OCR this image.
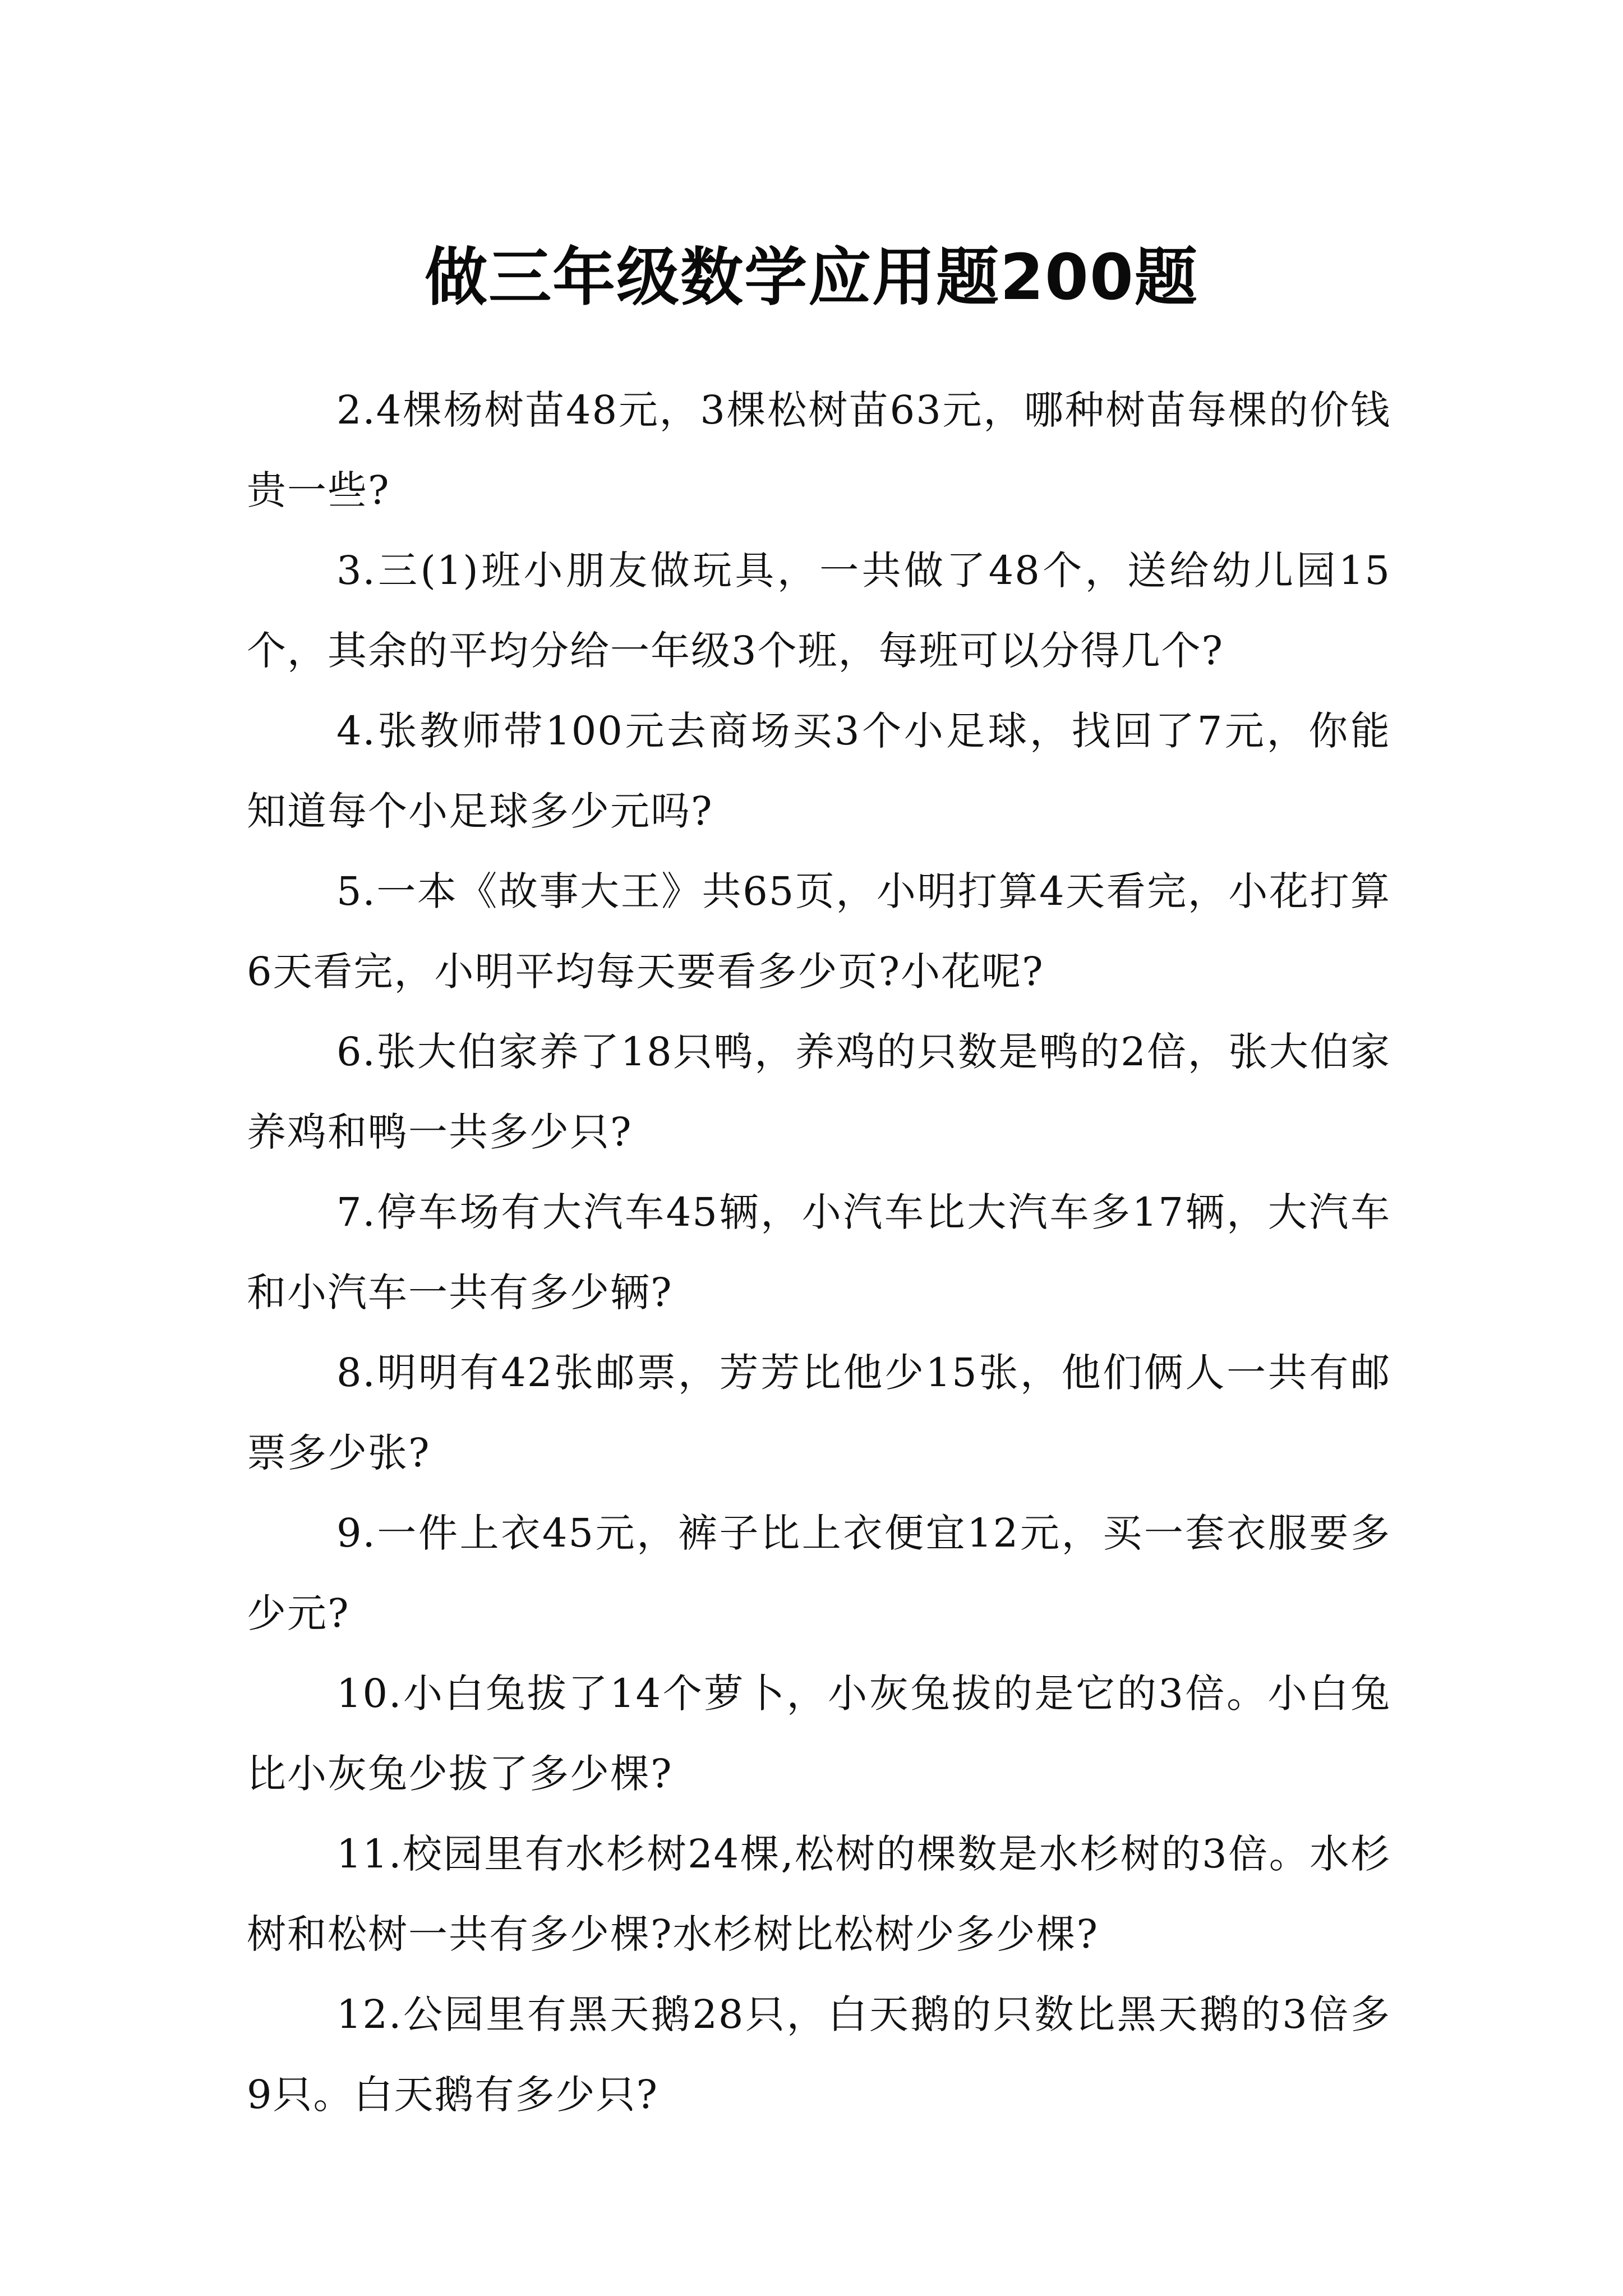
做三年级数学应用题200题

2.4棵杨树苗48元，3棵松树苗63元，哪种树苗每棵的价钱贵一些?

3.三(1)班小朋友做玩具，一共做了48个，送给幼儿园15个，其余的平均分给一年级3个班，每班可以分得几个?

4.张教师带100元去商场买3个小足球，找回了7元，你能知道每个小足球多少元吗?

5.一本《故事大王》共65页，小明打算4天看完，小花打算6天看完，小明平均每天要看多少页?小花呢?

6.张大伯家养了18只鸭，养鸡的只数是鸭的2倍，张大伯家养鸡和鸭一共多少只?

7.停车场有大汽车45辆，小汽车比大汽车多17辆，大汽车和小汽车一共有多少辆?

8.明明有42张邮票，芳芳比他少15张，他们俩人一共有邮票多少张?

9.一件上衣45元，裤子比上衣便宜12元，买一套衣服要多少元?

10.小白兔拔了14个萝卜，小灰兔拔的是它的3倍。小白兔比小灰兔少拔了多少棵?

11.校园里有水杉树24棵,松树的棵数是水杉树的3倍。水杉树和松树一共有多少棵?水杉树比松树少多少棵?

12.公园里有黑天鹅28只，白天鹅的只数比黑天鹅的3倍多9只。白天鹅有多少只?
